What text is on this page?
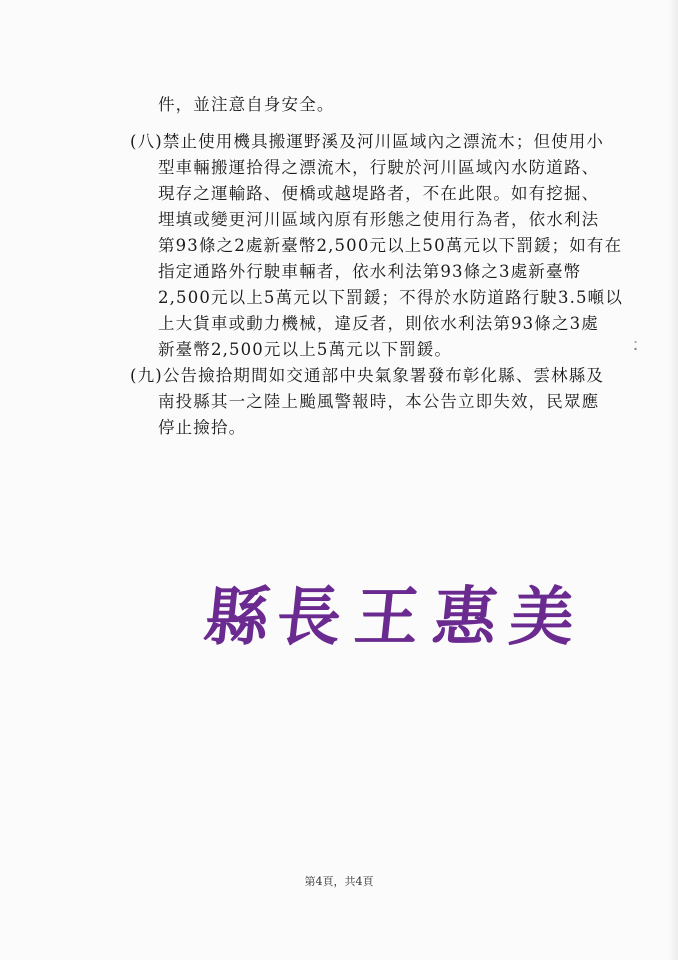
件，並注意自身安全。
(八)禁止使用機具搬運野溪及河川區域內之漂流木；但使用小
型車輛搬運拾得之漂流木，行駛於河川區域內水防道路、
現存之運輸路、便橋或越堤路者，不在此限。如有挖掘、
埋填或變更河川區域內原有形態之使用行為者，依水利法
第93條之2處新臺幣2,500元以上50萬元以下罰鍰；如有在
指定通路外行駛車輛者，依水利法第93條之3處新臺幣
2,500元以上5萬元以下罰鍰；不得於水防道路行駛3.5噸以
上大貨車或動力機械，違反者，則依水利法第93條之3處
新臺幣2,500元以上5萬元以下罰鍰。
(九)公告撿拾期間如交通部中央氣象署發布彰化縣、雲林縣及
南投縣其一之陸上颱風警報時，本公告立即失效，民眾應
停止撿拾。
縣 長 王 惠 美
第4頁，共4頁
